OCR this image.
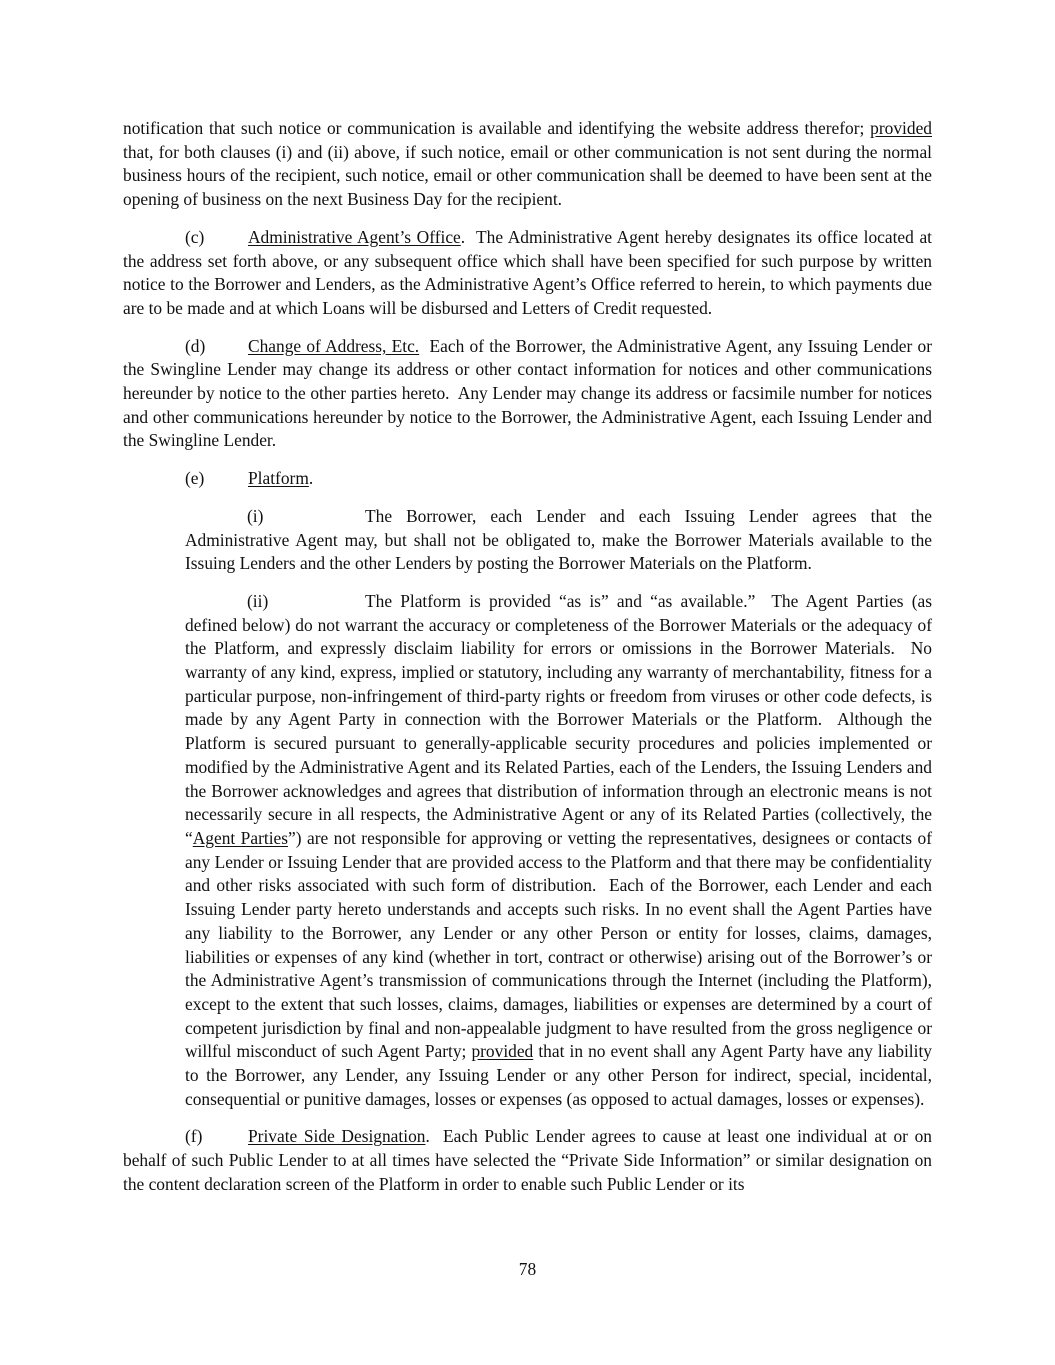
notification that such notice or communication is available and identifying the website address therefor; provided that, for both clauses (i) and (ii) above, if such notice, email or other communication is not sent during the normal business hours of the recipient, such notice, email or other communication shall be deemed to have been sent at the opening of business on the next Business Day for the recipient.

(c)	Administrative Agent’s Office.  The Administrative Agent hereby designates its office located at the address set forth above, or any subsequent office which shall have been specified for such purpose by written notice to the Borrower and Lenders, as the Administrative Agent’s Office referred to herein, to which payments due are to be made and at which Loans will be disbursed and Letters of Credit requested.

(d) Change of Address, Etc.  Each of the Borrower, the Administrative Agent, any Issuing Lender or the Swingline Lender may change its address or other contact information for notices and other communications hereunder by notice to the other parties hereto.  Any Lender may change its address or facsimile number for notices and other communications hereunder by notice to the Borrower, the Administrative Agent, each Issuing Lender and the Swingline Lender.

(e)	Platform.

(i)	The Borrower, each Lender and each Issuing Lender agrees that the Administrative Agent may, but shall not be obligated to, make the Borrower Materials available to the Issuing Lenders and the other Lenders by posting the Borrower Materials on the Platform.

(ii)	The Platform is provided “as is” and “as available.”  The Agent Parties (as defined below) do not warrant the accuracy or completeness of the Borrower Materials or the adequacy of the Platform, and expressly disclaim liability for errors or omissions in the Borrower Materials.  No warranty of any kind, express, implied or statutory, including any warranty of merchantability, fitness for a particular purpose, non-infringement of third-party rights or freedom from viruses or other code defects, is made by any Agent Party in connection with the Borrower Materials or the Platform.  Although the Platform is secured pursuant to generally-applicable security procedures and policies implemented or modified by the Administrative Agent and its Related Parties, each of the Lenders, the Issuing Lenders and the Borrower acknowledges and agrees that distribution of information through an electronic means is not necessarily secure in all respects, the Administrative Agent or any of its Related Parties (collectively, the “Agent Parties”) are not responsible for approving or vetting the representatives, designees or contacts of any Lender or Issuing Lender that are provided access to the Platform and that there may be confidentiality and other risks associated with such form of distribution.  Each of the Borrower, each Lender and each Issuing Lender party hereto understands and accepts such risks. In no event shall the Agent Parties have any liability to the Borrower, any Lender or any other Person or entity for losses, claims, damages, liabilities or expenses of any kind (whether in tort, contract or otherwise) arising out of the Borrower’s or the Administrative Agent’s transmission of communications through the Internet (including the Platform), except to the extent that such losses, claims, damages, liabilities or expenses are determined by a court of competent jurisdiction by final and non-appealable judgment to have resulted from the gross negligence or willful misconduct of such Agent Party; provided that in no event shall any Agent Party have any liability to the Borrower, any Lender, any Issuing Lender or any other Person for indirect, special, incidental, consequential or punitive damages, losses or expenses (as opposed to actual damages, losses or expenses).

(f)	Private Side Designation.  Each Public Lender agrees to cause at least one individual at or on behalf of such Public Lender to at all times have selected the “Private Side Information” or similar designation on the content declaration screen of the Platform in order to enable such Public Lender or its

78
